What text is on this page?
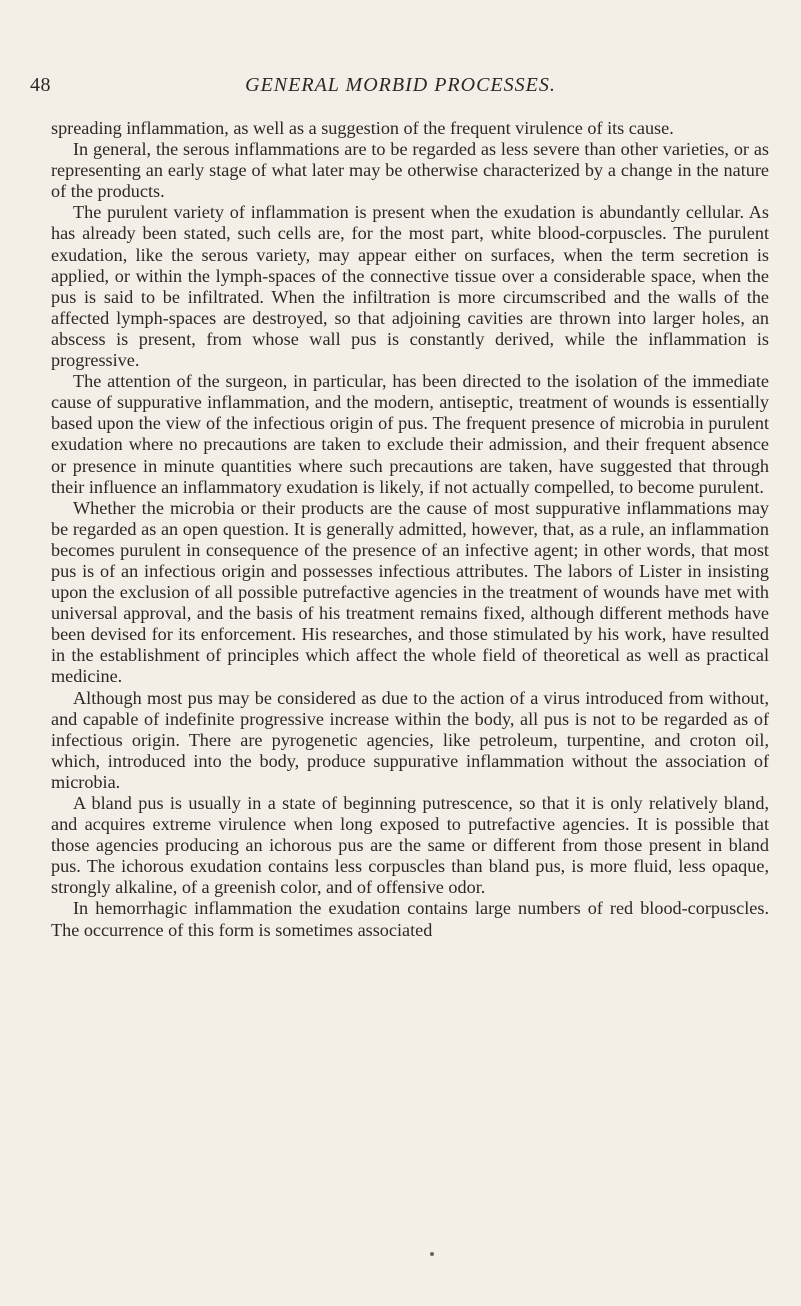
48	GENERAL MORBID PROCESSES.

spreading inflammation, as well as a suggestion of the frequent virulence of its cause.

In general, the serous inflammations are to be regarded as less severe than other varieties, or as representing an early stage of what later may be otherwise characterized by a change in the nature of the products.

The purulent variety of inflammation is present when the exudation is abundantly cellular. As has already been stated, such cells are, for the most part, white blood-corpuscles. The purulent exudation, like the serous variety, may appear either on surfaces, when the term secretion is applied, or within the lymph-spaces of the connective tissue over a considerable space, when the pus is said to be infiltrated. When the infiltration is more circumscribed and the walls of the affected lymph-spaces are destroyed, so that adjoining cavities are thrown into larger holes, an abscess is present, from whose wall pus is constantly derived, while the inflammation is progressive.

The attention of the surgeon, in particular, has been directed to the isolation of the immediate cause of suppurative inflammation, and the modern, antiseptic, treatment of wounds is essentially based upon the view of the infectious origin of pus. The frequent presence of microbia in purulent exudation where no precautions are taken to exclude their admission, and their frequent absence or presence in minute quantities where such precautions are taken, have suggested that through their influence an inflammatory exudation is likely, if not actually compelled, to become purulent.

Whether the microbia or their products are the cause of most suppurative inflammations may be regarded as an open question. It is generally admitted, however, that, as a rule, an inflammation becomes purulent in consequence of the presence of an infective agent; in other words, that most pus is of an infectious origin and possesses infectious attributes. The labors of Lister in insisting upon the exclusion of all possible putrefactive agencies in the treatment of wounds have met with universal approval, and the basis of his treatment remains fixed, although different methods have been devised for its enforcement. His researches, and those stimulated by his work, have resulted in the establishment of principles which affect the whole field of theoretical as well as practical medicine.

Although most pus may be considered as due to the action of a virus introduced from without, and capable of indefinite progressive increase within the body, all pus is not to be regarded as of infectious origin. There are pyrogenetic agencies, like petroleum, turpentine, and croton oil, which, introduced into the body, produce suppurative inflammation without the association of microbia.

A bland pus is usually in a state of beginning putrescence, so that it is only relatively bland, and acquires extreme virulence when long exposed to putrefactive agencies. It is possible that those agencies producing an ichorous pus are the same or different from those present in bland pus. The ichorous exudation contains less corpuscles than bland pus, is more fluid, less opaque, strongly alkaline, of a greenish color, and of offensive odor.

In hemorrhagic inflammation the exudation contains large numbers of red blood-corpuscles. The occurrence of this form is sometimes associated
